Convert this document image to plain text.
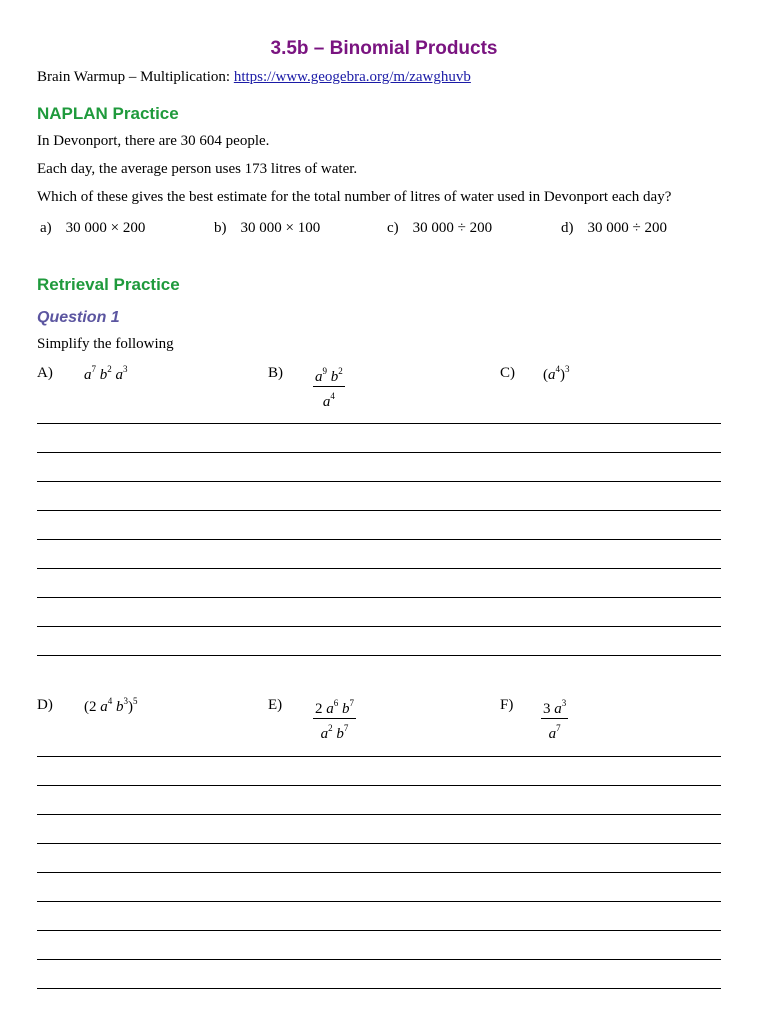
3.5b – Binomial Products
Brain Warmup – Multiplication: https://www.geogebra.org/m/zawghuvb
NAPLAN Practice
In Devonport, there are 30 604 people.
Each day, the average person uses 173 litres of water.
Which of these gives the best estimate for the total number of litres of water used in Devonport each day?
a) 30 000 × 200	b) 30 000 × 100	c) 30 000 ÷ 200	d) 30 000 ÷ 200
Retrieval Practice
Question 1
Simplify the following
A) $a^7$ $b^2$ $a^3$	$B) \frac{a^9 b^2}{a^4}$	C) $(a^4)^3$
D) (2 $a^4$ $b^3)^5$	$E) \frac{2 a^6 b^7}{a^2 b^7}$	$F) \frac{3 a^3}{a^7}$
